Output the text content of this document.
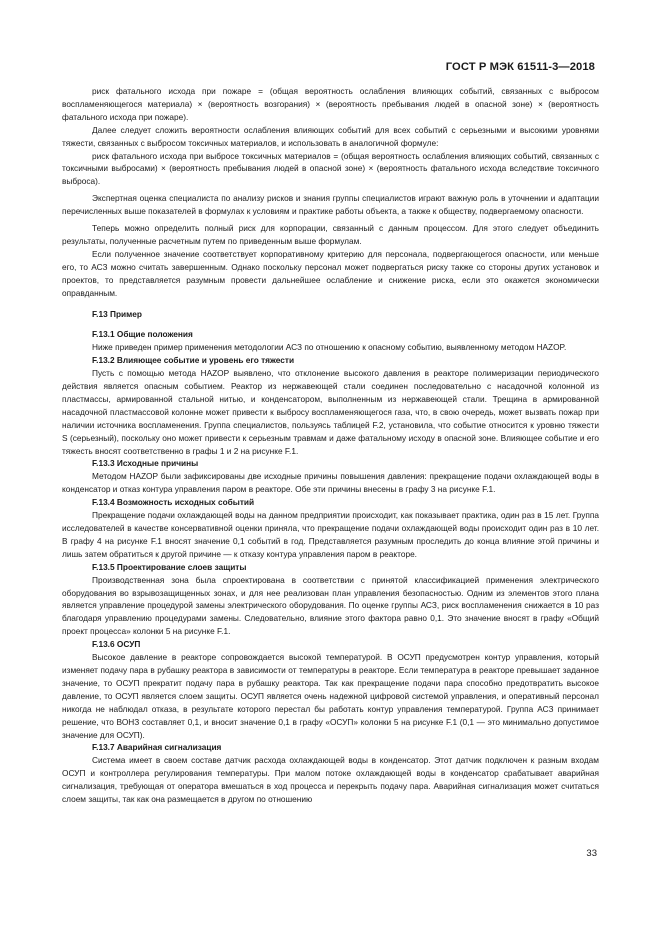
ГОСТ Р МЭК 61511-3—2018

риск фатального исхода при пожаре = (общая вероятность ослабления влияющих событий, связанных с выбросом воспламеняющегося материала) × (вероятность возгорания) × (вероятность пребывания людей в опасной зоне) × (вероятность фатального исхода при пожаре).

Далее следует сложить вероятности ослабления влияющих событий для всех событий с серьезными и высокими уровнями тяжести, связанных с выбросом токсичных материалов, и использовать в аналогичной формуле:

риск фатального исхода при выбросе токсичных материалов = (общая вероятность ослабления влияющих событий, связанных с токсичными выбросами) × (вероятность пребывания людей в опасной зоне) × (вероятность фатального исхода вследствие токсичного выброса).

Экспертная оценка специалиста по анализу рисков и знания группы специалистов играют важную роль в уточнении и адаптации перечисленных выше показателей в формулах к условиям и практике работы объекта, а также к обществу, подвергаемому опасности.

Теперь можно определить полный риск для корпорации, связанный с данным процессом. Для этого следует объединить результаты, полученные расчетным путем по приведенным выше формулам.

Если полученное значение соответствует корпоративному критерию для персонала, подвергающегося опасности, или меньше его, то АСЗ можно считать завершенным. Однако поскольку персонал может подвергаться риску также со стороны других установок и проектов, то представляется разумным провести дальнейшее ослабление и снижение риска, если это окажется экономически оправданным.

F.13 Пример

F.13.1 Общие положения

Ниже приведен пример применения методологии АСЗ по отношению к опасному событию, выявленному методом HAZOP.

F.13.2 Влияющее событие и уровень его тяжести

Пусть с помощью метода HAZOP выявлено, что отклонение высокого давления в реакторе полимеризации периодического действия является опасным событием. Реактор из нержавеющей стали соединен последовательно с насадочной колонной из пластмассы, армированной стальной нитью, и конденсатором, выполненным из нержавеющей стали. Трещина в армированной насадочной пластмассовой колонне может привести к выбросу воспламеняющегося газа, что, в свою очередь, может вызвать пожар при наличии источника воспламенения. Группа специалистов, пользуясь таблицей F.2, установила, что событие относится к уровню тяжести S (серьезный), поскольку оно может привести к серьезным травмам и даже фатальному исходу в опасной зоне. Влияющее событие и его тяжесть вносят соответственно в графы 1 и 2 на рисунке F.1.

F.13.3 Исходные причины

Методом HAZOP были зафиксированы две исходные причины повышения давления: прекращение подачи охлаждающей воды в конденсатор и отказ контура управления паром в реакторе. Обе эти причины внесены в графу 3 на рисунке F.1.

F.13.4 Возможность исходных событий

Прекращение подачи охлаждающей воды на данном предприятии происходит, как показывает практика, один раз в 15 лет. Группа исследователей в качестве консервативной оценки приняла, что прекращение подачи охлаждающей воды происходит один раз в 10 лет. В графу 4 на рисунке F.1 вносят значение 0,1 событий в год. Представляется разумным проследить до конца влияние этой причины и лишь затем обратиться к другой причине — к отказу контура управления паром в реакторе.

F.13.5 Проектирование слоев защиты

Производственная зона была спроектирована в соответствии с принятой классификацией применения электрического оборудования во взрывозащищенных зонах, и для нее реализован план управления безопасностью. Одним из элементов этого плана является управление процедурой замены электрического оборудования. По оценке группы АСЗ, риск воспламенения снижается в 10 раз благодаря управлению процедурами замены. Следовательно, влияние этого фактора равно 0,1. Это значение вносят в графу «Общий проект процесса» колонки 5 на рисунке F.1.

F.13.6 ОСУП

Высокое давление в реакторе сопровождается высокой температурой. В ОСУП предусмотрен контур управления, который изменяет подачу пара в рубашку реактора в зависимости от температуры в реакторе. Если температура в реакторе превышает заданное значение, то ОСУП прекратит подачу пара в рубашку реактора. Так как прекращение подачи пара способно предотвратить высокое давление, то ОСУП является слоем защиты. ОСУП является очень надежной цифровой системой управления, и оперативный персонал никогда не наблюдал отказа, в результате которого перестал бы работать контур управления температурой. Группа АСЗ принимает решение, что ВОНЗ составляет 0,1, и вносит значение 0,1 в графу «ОСУП» колонки 5 на рисунке F.1 (0,1 — это минимально допустимое значение для ОСУП).

F.13.7 Аварийная сигнализация

Система имеет в своем составе датчик расхода охлаждающей воды в конденсатор. Этот датчик подключен к разным входам ОСУП и контроллера регулирования температуры. При малом потоке охлаждающей воды в конденсатор срабатывает аварийная сигнализация, требующая от оператора вмешаться в ход процесса и перекрыть подачу пара. Аварийная сигнализация может считаться слоем защиты, так как она размещается в другом по отношению

33
